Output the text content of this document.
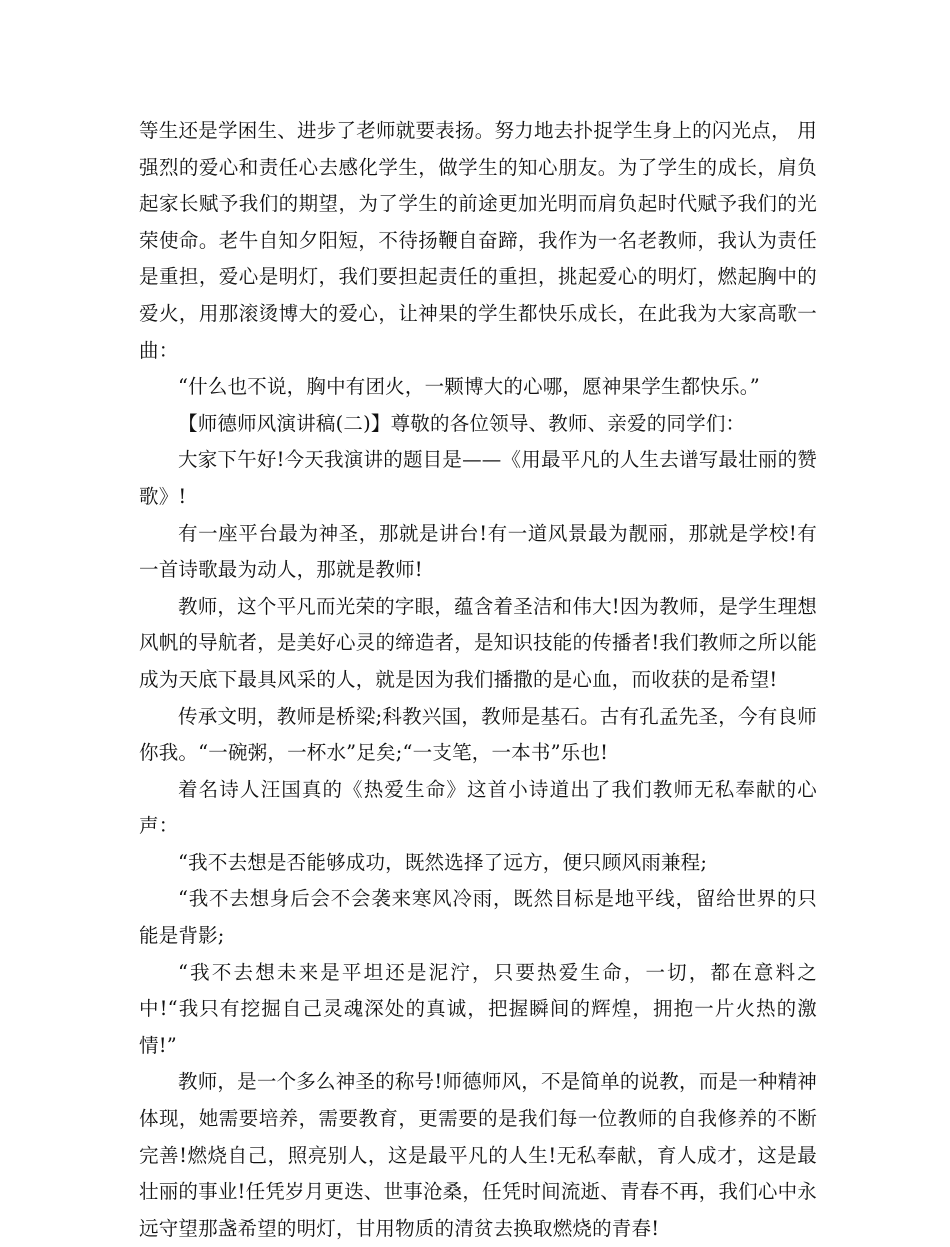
等生还是学困生、进步了老师就要表扬。努力地去扑捉学生身上的闪光点， 用强烈的爱心和责任心去感化学生，做学生的知心朋友。为了学生的成长，肩负起家长赋予我们的期望，为了学生的前途更加光明而肩负起时代赋予我们的光荣使命。老牛自知夕阳短，不待扬鞭自奋蹄，我作为一名老教师，我认为责任是重担，爱心是明灯，我们要担起责任的重担，挑起爱心的明灯，燃起胸中的爱火，用那滚烫博大的爱心，让神果的学生都快乐成长，在此我为大家高歌一曲：

“什么也不说，胸中有团火，一颗博大的心哪，愿神果学生都快乐。”

【师德师风演讲稿(二)】尊敬的各位领导、教师、亲爱的同学们：

大家下午好!今天我演讲的题目是——《用最平凡的人生去谱写最壮丽的赞歌》!

有一座平台最为神圣，那就是讲台!有一道风景最为靓丽，那就是学校!有一首诗歌最为动人，那就是教师!

教师，这个平凡而光荣的字眼，蕴含着圣洁和伟大!因为教师，是学生理想风帆的导航者，是美好心灵的缔造者，是知识技能的传播者!我们教师之所以能成为天底下最具风采的人，就是因为我们播撒的是心血，而收获的是希望!

传承文明，教师是桥梁;科教兴国，教师是基石。古有孔孟先圣，今有良师你我。“一碗粥，一杯水”足矣;“一支笔，一本书”乐也!

着名诗人汪国真的《热爱生命》这首小诗道出了我们教师无私奉献的心声：

“我不去想是否能够成功，既然选择了远方，便只顾风雨兼程;

“我不去想身后会不会袭来寒风冷雨，既然目标是地平线，留给世界的只能是背影;

“我不去想未来是平坦还是泥泞，只要热爱生命，一切，都在意料之中!“我只有挖掘自己灵魂深处的真诚，把握瞬间的辉煌，拥抱一片火热的激情!”

教师，是一个多么神圣的称号!师德师风，不是简单的说教，而是一种精神体现，她需要培养，需要教育，更需要的是我们每一位教师的自我修养的不断完善!燃烧自己，照亮别人，这是最平凡的人生!无私奉献，育人成才，这是最壮丽的事业!任凭岁月更迭、世事沧桑，任凭时间流逝、青春不再，我们心中永远守望那盏希望的明灯，甘用物质的清贫去换取燃烧的青春!
